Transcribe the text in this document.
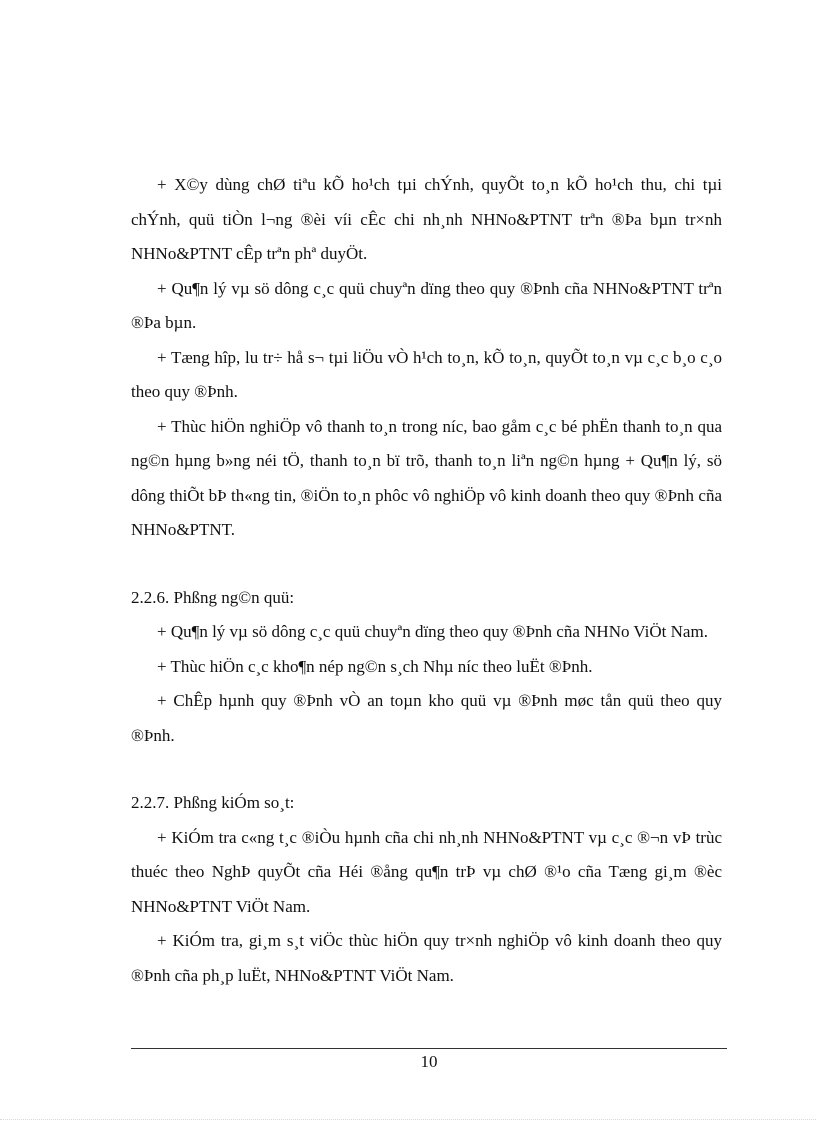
+ X©y dùng chØ tiªu kÕ ho¹ch tµi chÝnh, quyÕt to¸n kÕ ho¹ch thu, chi tµi chÝnh, quü tiÒn l¬ng ®èi víi cÊc chi nh¸nh NHNo&PTNT trªn ®Þa bµn tr×nh NHNo&PTNT cÊp trªn phª duyÖt.

+ Qu¶n lý vµ sö dông c¸c quü chuyªn dïng theo quy ®Þnh cña NHNo&PTNT trªn ®Þa bµn.

+ Tæng hîp, lu tr÷ hå s¬ tµi liÖu vÒ h¹ch to¸n, kÕ to¸n, quyÕt to¸n vµ c¸c b¸o c¸o theo quy ®Þnh.

+ Thùc hiÖn nghiÖp vô thanh to¸n trong níc, bao gåm c¸c bé phËn thanh to¸n qua ng©n hµng b»ng néi tÖ, thanh to¸n bï trõ, thanh to¸n liªn ng©n hµng + Qu¶n lý, sö dông thiÕt bÞ th«ng tin, ®iÖn to¸n phôc vô nghiÖp vô kinh doanh theo quy ®Þnh cña NHNo&PTNT.

2.2.6. Phßng ng©n quü:

+ Qu¶n lý vµ sö dông c¸c quü chuyªn dïng theo quy ®Þnh cña NHNo ViÖt Nam.

+ Thùc hiÖn c¸c kho¶n nép ng©n s¸ch Nhµ níc theo luËt ®Þnh.

+ ChÊp hµnh quy ®Þnh vÒ an toµn kho quü vµ ®Þnh møc tån quü theo quy ®Þnh.

2.2.7. Phßng kiÓm so¸t:

+ KiÓm tra c«ng t¸c ®iÒu hµnh cña chi nh¸nh NHNo&PTNT vµ c¸c ®¬n vÞ trùc thuéc theo NghÞ quyÕt cña Héi ®ång qu¶n trÞ vµ chØ ®¹o cña Tæng gi¸m ®èc NHNo&PTNT ViÖt Nam.

+ KiÓm tra, gi¸m s¸t viÖc thùc hiÖn quy tr×nh nghiÖp vô kinh doanh theo quy ®Þnh cña ph¸p luËt, NHNo&PTNT ViÖt Nam.

10
